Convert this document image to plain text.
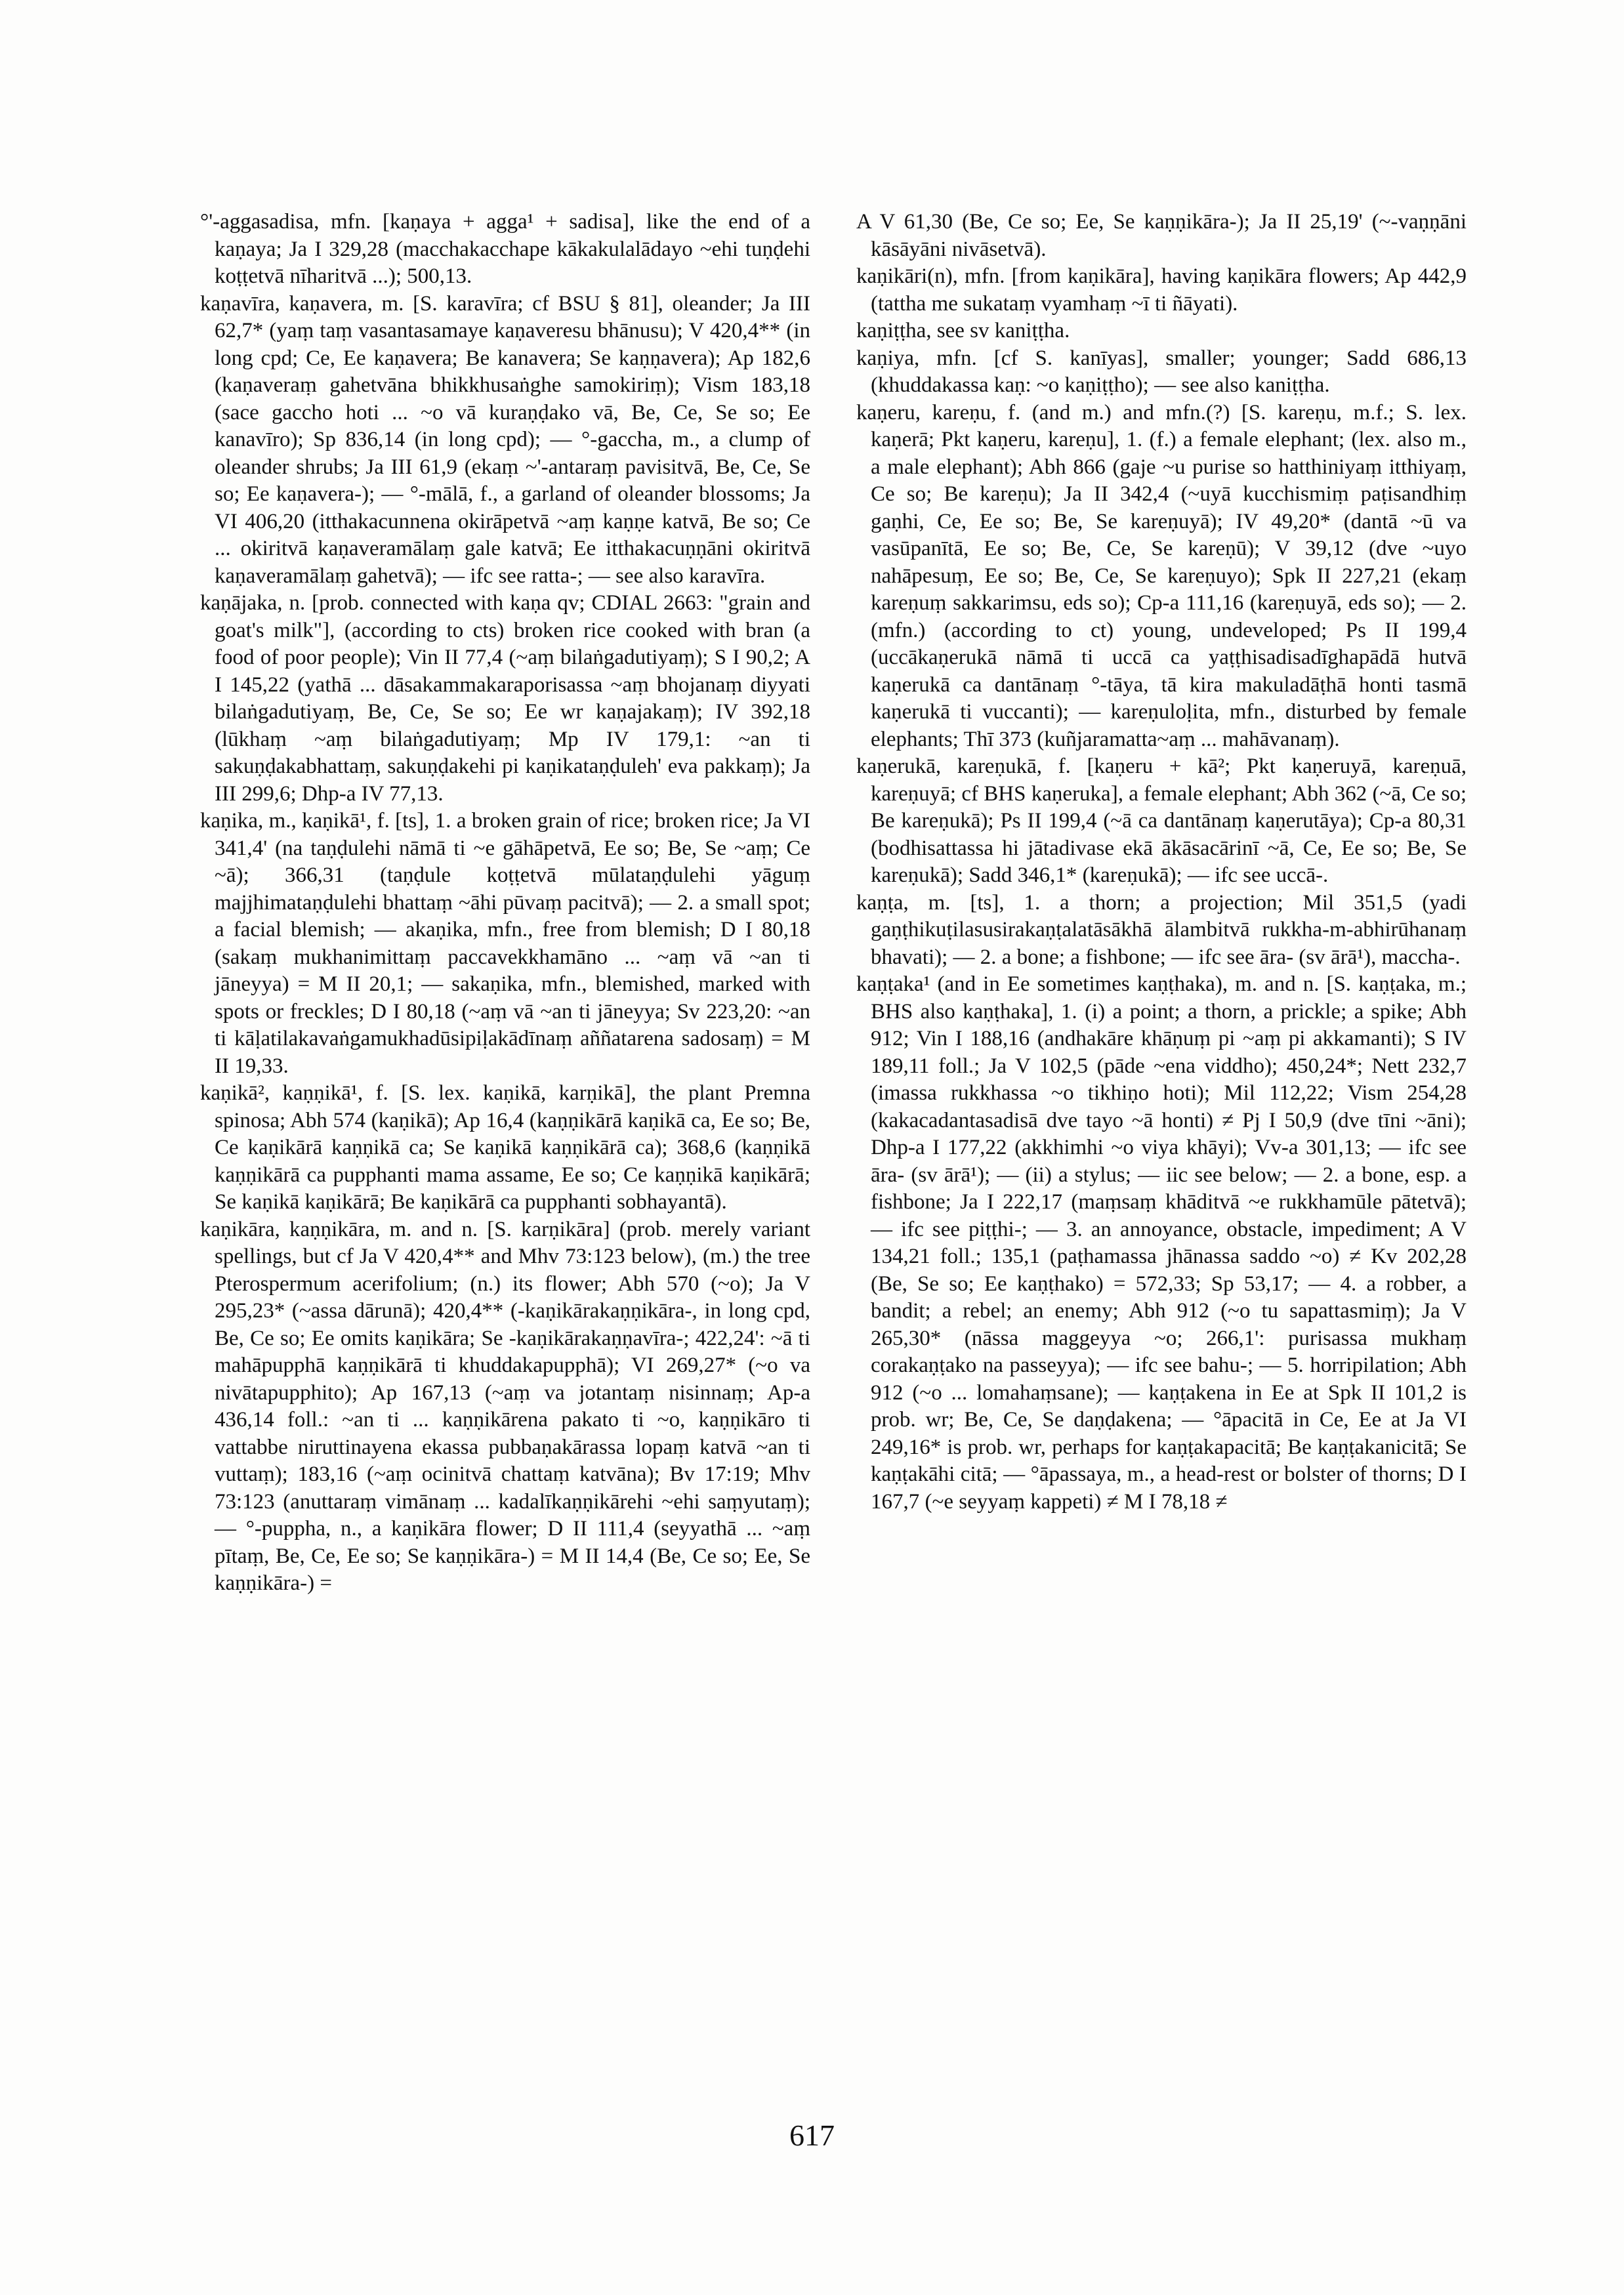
°'-aggasadisa, mfn. [kaṇaya + agga¹ + sadisa], like the end of a kaṇaya; Ja I 329,28 (macchakacchape kākakulalādayo ~ehi tuṇḍehi koṭṭetvā nīharitvā ...); 500,13.

kaṇavīra, kaṇavera, m. [S. karavīra; cf BSU § 81], oleander; Ja III 62,7* (yaṃ taṃ vasantasamaye kaṇaveresu bhānusu); V 420,4** (in long cpd; Ce, Ee kaṇavera; Be kanavera; Se kaṇṇavera); Ap 182,6 (kaṇaveraṃ gahetvāna bhikkhusaṅghe samokiriṃ); Vism 183,18 (sace gaccho hoti ... ~o vā kuraṇḍako vā, Be, Ce, Se so; Ee kanavīro); Sp 836,14 (in long cpd); — °-gaccha, m., a clump of oleander shrubs; Ja III 61,9 (ekaṃ ~'-antaraṃ pavisitvā, Be, Ce, Se so; Ee kaṇavera-); — °-mālā, f., a garland of oleander blossoms; Ja VI 406,20 (itthakacunnena okirāpetvā ~aṃ kaṇṇe katvā, Be so; Ce ... okiritvā kaṇaveramālaṃ gale katvā; Ee itthakacuṇṇāni okiritvā kaṇaveramālaṃ gahetvā); — ifc see ratta-; — see also karavīra.

kaṇājaka, n. [prob. connected with kaṇa qv; CDIAL 2663: "grain and goat's milk"], (according to cts) broken rice cooked with bran (a food of poor people); Vin II 77,4 (~aṃ bilaṅgadutiyaṃ); S I 90,2; A I 145,22 (yathā ... dāsakammakaraporisassa ~aṃ bhojanaṃ diyyati bilaṅgadutiyaṃ, Be, Ce, Se so; Ee wr kaṇajakaṃ); IV 392,18 (lūkhaṃ ~aṃ bilaṅgadutiyaṃ; Mp IV 179,1: ~an ti sakuṇḍakabhattaṃ, sakuṇḍakehi pi kaṇikataṇḍuleh' eva pakkaṃ); Ja III 299,6; Dhp-a IV 77,13.

kaṇika, m., kaṇikā¹, f. [ts], 1. a broken grain of rice; broken rice; Ja VI 341,4' (na taṇḍulehi nāmā ti ~e gāhāpetvā, Ee so; Be, Se ~aṃ; Ce ~ā); 366,31 (taṇḍule koṭṭetvā mūlataṇḍulehi yāguṃ majjhimataṇḍulehi bhattaṃ ~āhi pūvaṃ pacitvā); — 2. a small spot; a facial blemish; — akaṇika, mfn., free from blemish; D I 80,18 (sakaṃ mukhanimittaṃ paccavekkhamāno ... ~aṃ vā ~an ti jāneyya) = M II 20,1; — sakaṇika, mfn., blemished, marked with spots or freckles; D I 80,18 (~aṃ vā ~an ti jāneyya; Sv 223,20: ~an ti kāḷatilakavaṅgamukhadūsipiḷakādīnaṃ aññatarena sadosaṃ) = M II 19,33.

kaṇikā², kaṇṇikā¹, f. [S. lex. kaṇikā, karṇikā], the plant Premna spinosa; Abh 574 (kaṇikā); Ap 16,4 (kaṇṇikārā kaṇikā ca, Ee so; Be, Ce kaṇikārā kaṇṇikā ca; Se kaṇikā kaṇṇikārā ca); 368,6 (kaṇṇikā kaṇṇikārā ca pupphanti mama assame, Ee so; Ce kaṇṇikā kaṇikārā; Se kaṇikā kaṇikārā; Be kaṇikārā ca pupphanti sobhayantā).

kaṇikāra, kaṇṇikāra, m. and n. [S. karṇikāra] (prob. merely variant spellings, but cf Ja V 420,4** and Mhv 73:123 below), (m.) the tree Pterospermum acerifolium; (n.) its flower; Abh 570 (~o); Ja V 295,23* (~assa dārunā); 420,4** (-kaṇikārakaṇṇikāra-, in long cpd, Be, Ce so; Ee omits kaṇikāra; Se -kaṇikārakaṇṇavīra-; 422,24': ~ā ti mahāpupphā kaṇṇikārā ti khuddakapupphā); VI 269,27* (~o va nivātapupphito); Ap 167,13 (~aṃ va jotantaṃ nisinnaṃ; Ap-a 436,14 foll.: ~an ti ... kaṇṇikārena pakato ti ~o, kaṇṇikāro ti vattabbe niruttinayena ekassa pubbaṇakārassa lopaṃ katvā ~an ti vuttaṃ); 183,16 (~aṃ ocinitvā chattaṃ katvāna); Bv 17:19; Mhv 73:123 (anuttaraṃ vimānaṃ ... kadalīkaṇṇikārehi ~ehi saṃyutaṃ); — °-puppha, n., a kaṇikāra flower; D II 111,4 (seyyathā ... ~aṃ pītaṃ, Be, Ce, Ee so; Se kaṇṇikāra-) = M II 14,4 (Be, Ce so; Ee, Se kaṇṇikāra-) =

A V 61,30 (Be, Ce so; Ee, Se kaṇṇikāra-); Ja II 25,19' (~-vaṇṇāni kāsāyāni nivāsetvā).

kaṇikāri(n), mfn. [from kaṇikāra], having kaṇikāra flowers; Ap 442,9 (tattha me sukataṃ vyamhaṃ ~ī ti ñāyati).

kaṇiṭṭha, see sv kaniṭṭha.

kaṇiya, mfn. [cf S. kanīyas], smaller; younger; Sadd 686,13 (khuddakassa kaṇ: ~o kaṇiṭṭho); — see also kaniṭṭha.

kaṇeru, kareṇu, f. (and m.) and mfn.(?) [S. kareṇu, m.f.; S. lex. kaṇerā; Pkt kaṇeru, kareṇu], 1. (f.) a female elephant; (lex. also m., a male elephant); Abh 866 (gaje ~u purise so hatthiniyaṃ itthiyaṃ, Ce so; Be kareṇu); Ja II 342,4 (~uyā kucchismiṃ paṭisandhiṃ gaṇhi, Ce, Ee so; Be, Se kareṇuyā); IV 49,20* (dantā ~ū va vasūpanītā, Ee so; Be, Ce, Se kareṇū); V 39,12 (dve ~uyo nahāpesuṃ, Ee so; Be, Ce, Se kareṇuyo); Spk II 227,21 (ekaṃ kareṇuṃ sakkarimsu, eds so); Cp-a 111,16 (kareṇuyā, eds so); — 2. (mfn.) (according to ct) young, undeveloped; Ps II 199,4 (uccākaṇerukā nāmā ti uccā ca yaṭṭhisadisadīghapādā hutvā kaṇerukā ca dantānaṃ °-tāya, tā kira makuladāṭhā honti tasmā kaṇerukā ti vuccanti); — kareṇuloḷita, mfn., disturbed by female elephants; Thī 373 (kuñjaramatta~aṃ ... mahāvanaṃ).

kaṇerukā, kareṇukā, f. [kaṇeru + kā²; Pkt kaṇeruyā, kareṇuā, kareṇuyā; cf BHS kaṇeruka], a female elephant; Abh 362 (~ā, Ce so; Be kareṇukā); Ps II 199,4 (~ā ca dantānaṃ kaṇerutāya); Cp-a 80,31 (bodhisattassa hi jātadivase ekā ākāsacārinī ~ā, Ce, Ee so; Be, Se kareṇukā); Sadd 346,1* (kareṇukā); — ifc see uccā-.

kaṇṭa, m. [ts], 1. a thorn; a projection; Mil 351,5 (yadi gaṇṭhikuṭilasusirakaṇṭalatāsākhā ālambitvā rukkha-m-abhirūhanaṃ bhavati); — 2. a bone; a fishbone; — ifc see āra- (sv ārā¹), maccha-.

kaṇṭaka¹ (and in Ee sometimes kaṇṭhaka), m. and n. [S. kaṇṭaka, m.; BHS also kaṇṭhaka], 1. (i) a point; a thorn, a prickle; a spike; Abh 912; Vin I 188,16 (andhakāre khāṇuṃ pi ~aṃ pi akkamanti); S IV 189,11 foll.; Ja V 102,5 (pāde ~ena viddho); 450,24*; Nett 232,7 (imassa rukkhassa ~o tikhiṇo hoti); Mil 112,22; Vism 254,28 (kakacadantasadisā dve tayo ~ā honti) ≠ Pj I 50,9 (dve tīni ~āni); Dhp-a I 177,22 (akkhimhi ~o viya khāyi); Vv-a 301,13; — ifc see āra- (sv ārā¹); — (ii) a stylus; — iic see below; — 2. a bone, esp. a fishbone; Ja I 222,17 (maṃsaṃ khāditvā ~e rukkhamūle pātetvā); — ifc see piṭṭhi-; — 3. an annoyance, obstacle, impediment; A V 134,21 foll.; 135,1 (paṭhamassa jhānassa saddo ~o) ≠ Kv 202,28 (Be, Se so; Ee kaṇṭhako) = 572,33; Sp 53,17; — 4. a robber, a bandit; a rebel; an enemy; Abh 912 (~o tu sapattasmiṃ); Ja V 265,30* (nāssa maggeyya ~o; 266,1': purisassa mukhaṃ corakaṇṭako na passeyya); — ifc see bahu-; — 5. horripilation; Abh 912 (~o ... lomahaṃsane); — kaṇṭakena in Ee at Spk II 101,2 is prob. wr; Be, Ce, Se daṇḍakena; — °āpacitā in Ce, Ee at Ja VI 249,16* is prob. wr, perhaps for kaṇṭakapacitā; Be kaṇṭakanicitā; Se kaṇṭakāhi citā; — °āpassaya, m., a head-rest or bolster of thorns; D I 167,7 (~e seyyaṃ kappeti) ≠ M I 78,18 ≠

617
